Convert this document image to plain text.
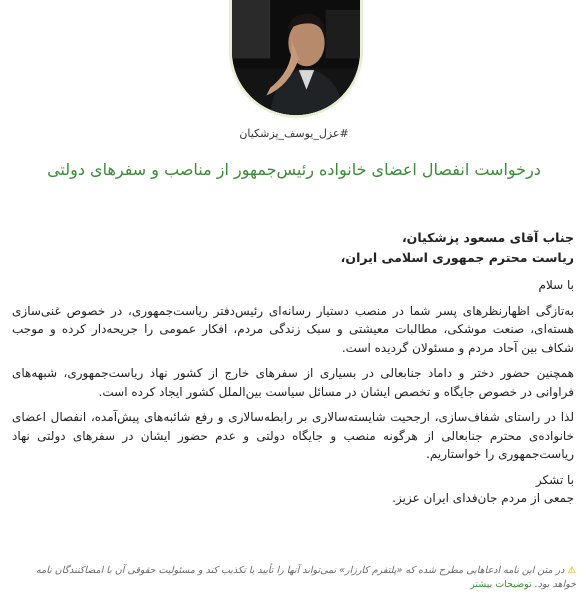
#عزل_یوسف_پزشکیان
درخواست انفصال اعضای خانواده رئیس‌جمهور از مناصب و سفرهای دولتی
جناب آقای مسعود پزشکیان،
ریاست محترم جمهوری اسلامی ایران،
با سلام
به‌تازگی اظهارنظرهای پسر شما در منصب دستیار رسانه‌ای رئیس‌دفتر ریاست‌جمهوری، در خصوص غنی‌سازی هسته‌ای، صنعت موشکی، مطالبات معیشتی و سبک زندگی مردم، افکار عمومی را جریحه‌دار کرده و موجب شکاف بین آحاد مردم و مسئولان گردیده است.
همچنین حضور دختر و داماد جنابعالی در بسیاری از سفرهای خارج از کشور نهاد ریاست‌جمهوری، شبهه‌های فراوانی در خصوص جایگاه و تخصص ایشان در مسائل سیاست بین‌الملل کشور ایجاد کرده است.
لذا در راستای شفاف‌سازی، ارجحیت شایسته‌سالاری بر رابطه‌سالاری و رفع شائبه‌های پیش‌آمده، انفصال اعضای خانواده‌ی محترم جنابعالی از هرگونه منصب و جایگاه دولتی و عدم حضور ایشان در سفرهای دولتی نهاد ریاست‌جمهوری را خواستاریم.
با تشکر
جمعی از مردم جان‌فدای ایران عزیز.
⚠ در متن این نامه ادعاهایی مطرح شده که «پلتفرم کارزار» نمی‌تواند آنها را تأیید یا تکذیب کند و مسئولیت حقوقی آن با امضاکنندگان نامه خواهد بود. توضیحات بیشتر
